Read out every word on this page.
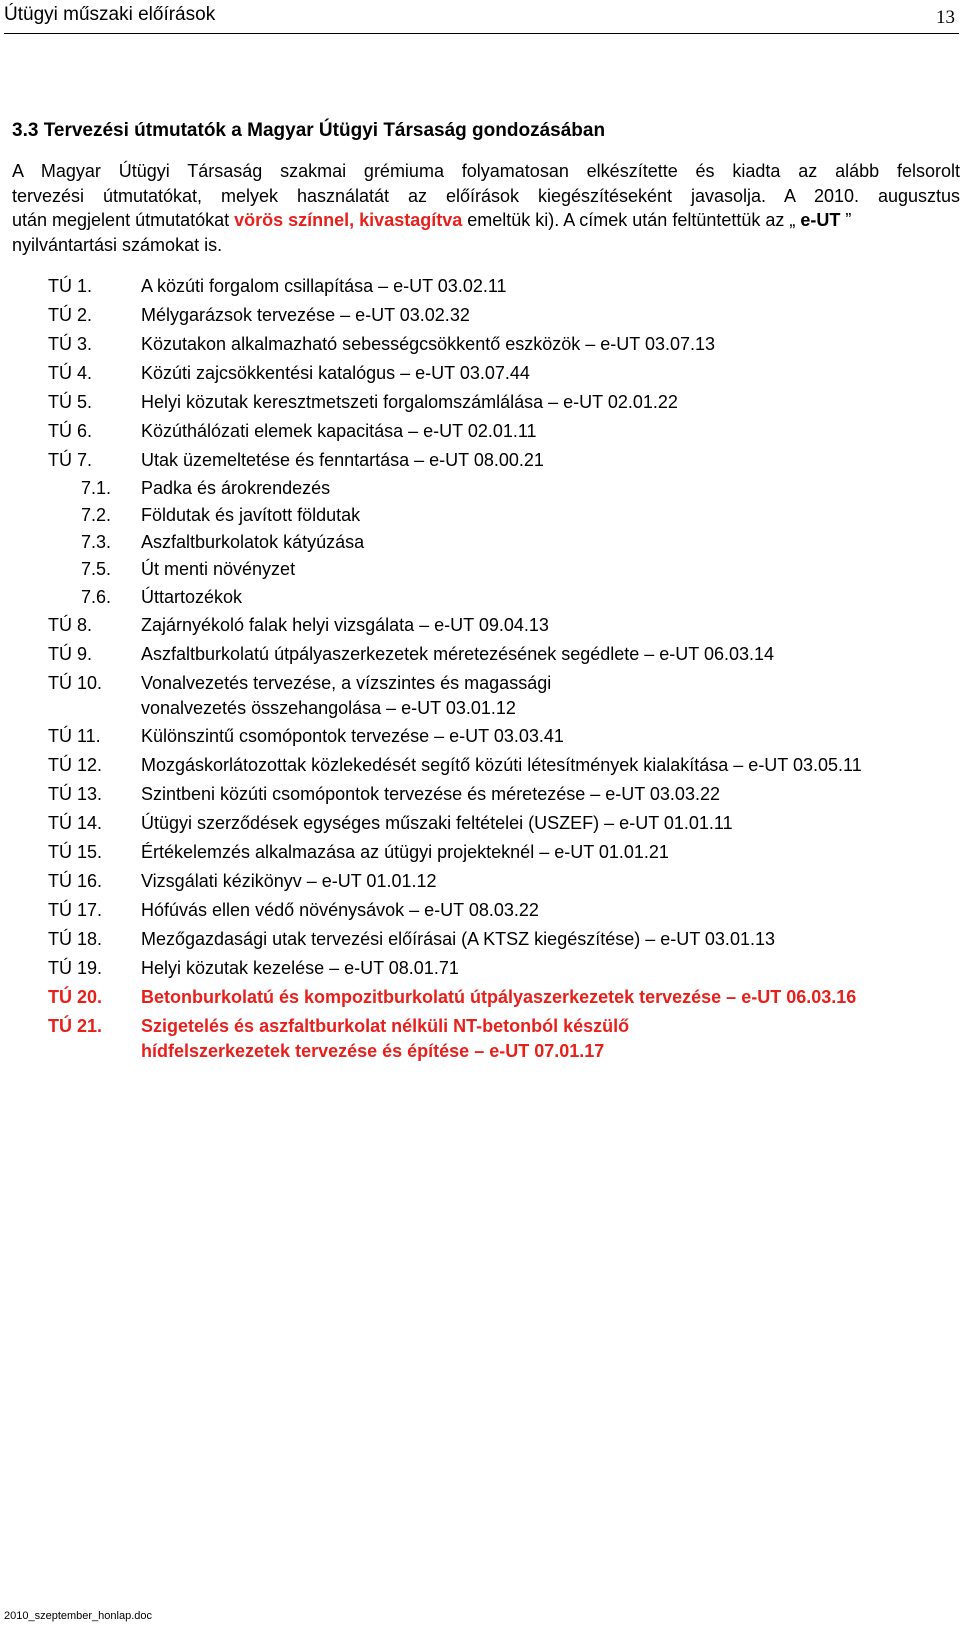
Útügyi műszaki előírások	13
3.3 Tervezési útmutatók a Magyar Útügyi Társaság gondozásában
A Magyar Útügyi Társaság szakmai grémiuma folyamatosan elkészítette és kiadta az alább felsorolt
tervezési útmutatókat, melyek használatát az előírások kiegészítéseként javasolja. A 2010. augusztus
után megjelent útmutatókat vörös színnel, kivastagítva emeltük ki). A címek után feltüntettük az „ e-UT ”
nyilvántartási számokat is.
TÚ 1.	A közúti forgalom csillapítása – e-UT 03.02.11
TÚ 2.	Mélygarázsok tervezése – e-UT 03.02.32
TÚ 3.	Közutakon alkalmazható sebességcsökkentő eszközök – e-UT 03.07.13
TÚ 4.	Közúti zajcsökkentési katalógus – e-UT 03.07.44
TÚ 5.	Helyi közutak keresztmetszeti forgalomszámlálása – e-UT 02.01.22
TÚ 6.	Közúthálózati elemek kapacitása – e-UT 02.01.11
TÚ 7.	Utak üzemeltetése és fenntartása – e-UT 08.00.21
7.1. Padka és árokrendezés
7.2. Földutak és javított földutak
7.3. Aszfaltburkolatok kátyúzása
7.5. Út menti növényzet
7.6. Úttartozékok
TÚ 8.	Zajárnyékoló falak helyi vizsgálata – e-UT 09.04.13
TÚ 9.	Aszfaltburkolatú útpályaszerkezetek méretezésének segédlete – e-UT 06.03.14
TÚ 10. Vonalvezetés tervezése, a vízszintes és magassági
vonalvezetés összehangolása – e-UT 03.01.12
TÚ 11. Különszintű csomópontok tervezése – e-UT 03.03.41
TÚ 12. Mozgáskorlátozottak közlekedését segítő közúti létesítmények kialakítása – e-UT 03.05.11
TÚ 13. Szintbeni közúti csomópontok tervezése és méretezése – e-UT 03.03.22
TÚ 14. Útügyi szerződések egységes műszaki feltételei (USZEF) – e-UT 01.01.11
TÚ 15. Értékelemzés alkalmazása az útügyi projekteknél – e-UT 01.01.21
TÚ 16. Vizsgálati kézikönyv – e-UT 01.01.12
TÚ 17. Hófúvás ellen védő növénysávok – e-UT 08.03.22
TÚ 18. Mezőgazdasági utak tervezési előírásai (A KTSZ kiegészítése) – e-UT 03.01.13
TÚ 19. Helyi közutak kezelése – e-UT 08.01.71
TÚ 20. Betonburkolatú és kompozitburkolatú útpályaszerkezetek tervezése – e-UT 06.03.16
TÚ 21. Szigetelés és aszfaltburkolat nélküli NT-betonból készülő
hídfelszerkezetek tervezése és építése – e-UT 07.01.17
2010_szeptember_honlap.doc
